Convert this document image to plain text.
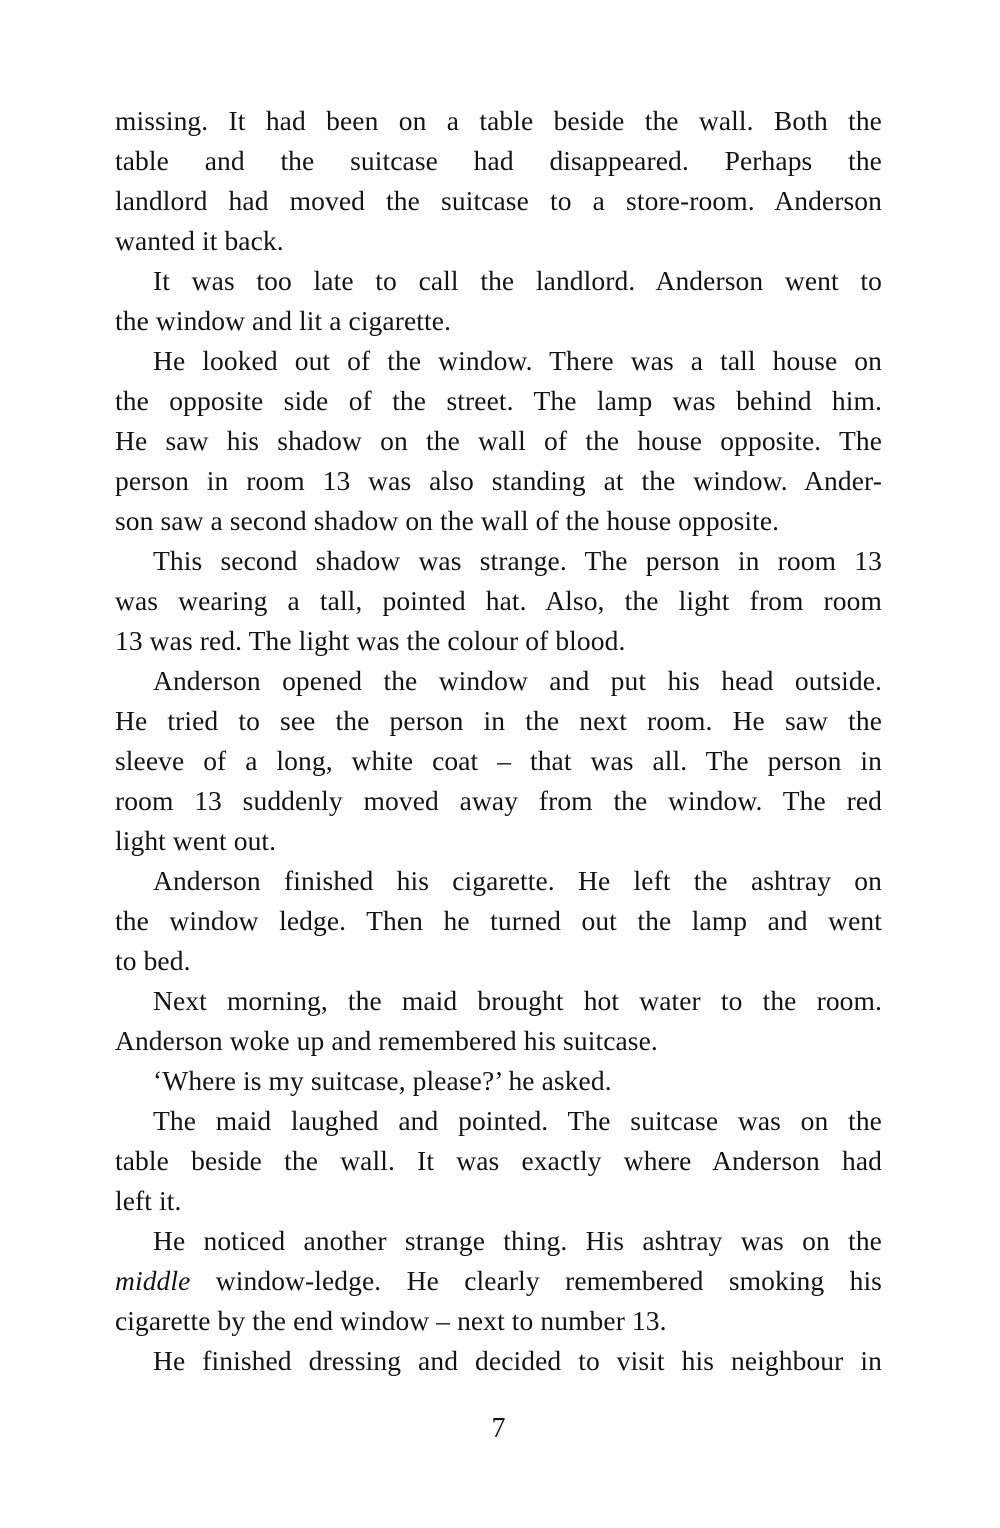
missing. It had been on a table beside the wall. Both the
table and the suitcase had disappeared. Perhaps the
landlord had moved the suitcase to a store-room. Anderson
wanted it back.

It was too late to call the landlord. Anderson went to
the window and lit a cigarette.

He looked out of the window. There was a tall house on
the opposite side of the street. The lamp was behind him.
He saw his shadow on the wall of the house opposite. The
person in room 13 was also standing at the window. Ander-
son saw a second shadow on the wall of the house opposite.

This second shadow was strange. The person in room 13
was wearing a tall, pointed hat. Also, the light from room
13 was red. The light was the colour of blood.

Anderson opened the window and put his head outside.
He tried to see the person in the next room. He saw the
sleeve of a long, white coat – that was all. The person in
room 13 suddenly moved away from the window. The red
light went out.

Anderson finished his cigarette. He left the ashtray on
the window ledge. Then he turned out the lamp and went
to bed.

Next morning, the maid brought hot water to the room.
Anderson woke up and remembered his suitcase.

‘Where is my suitcase, please?’ he asked.

The maid laughed and pointed. The suitcase was on the
table beside the wall. It was exactly where Anderson had
left it.

He noticed another strange thing. His ashtray was on the
middle window-ledge. He clearly remembered smoking his
cigarette by the end window – next to number 13.

He finished dressing and decided to visit his neighbour in

7
